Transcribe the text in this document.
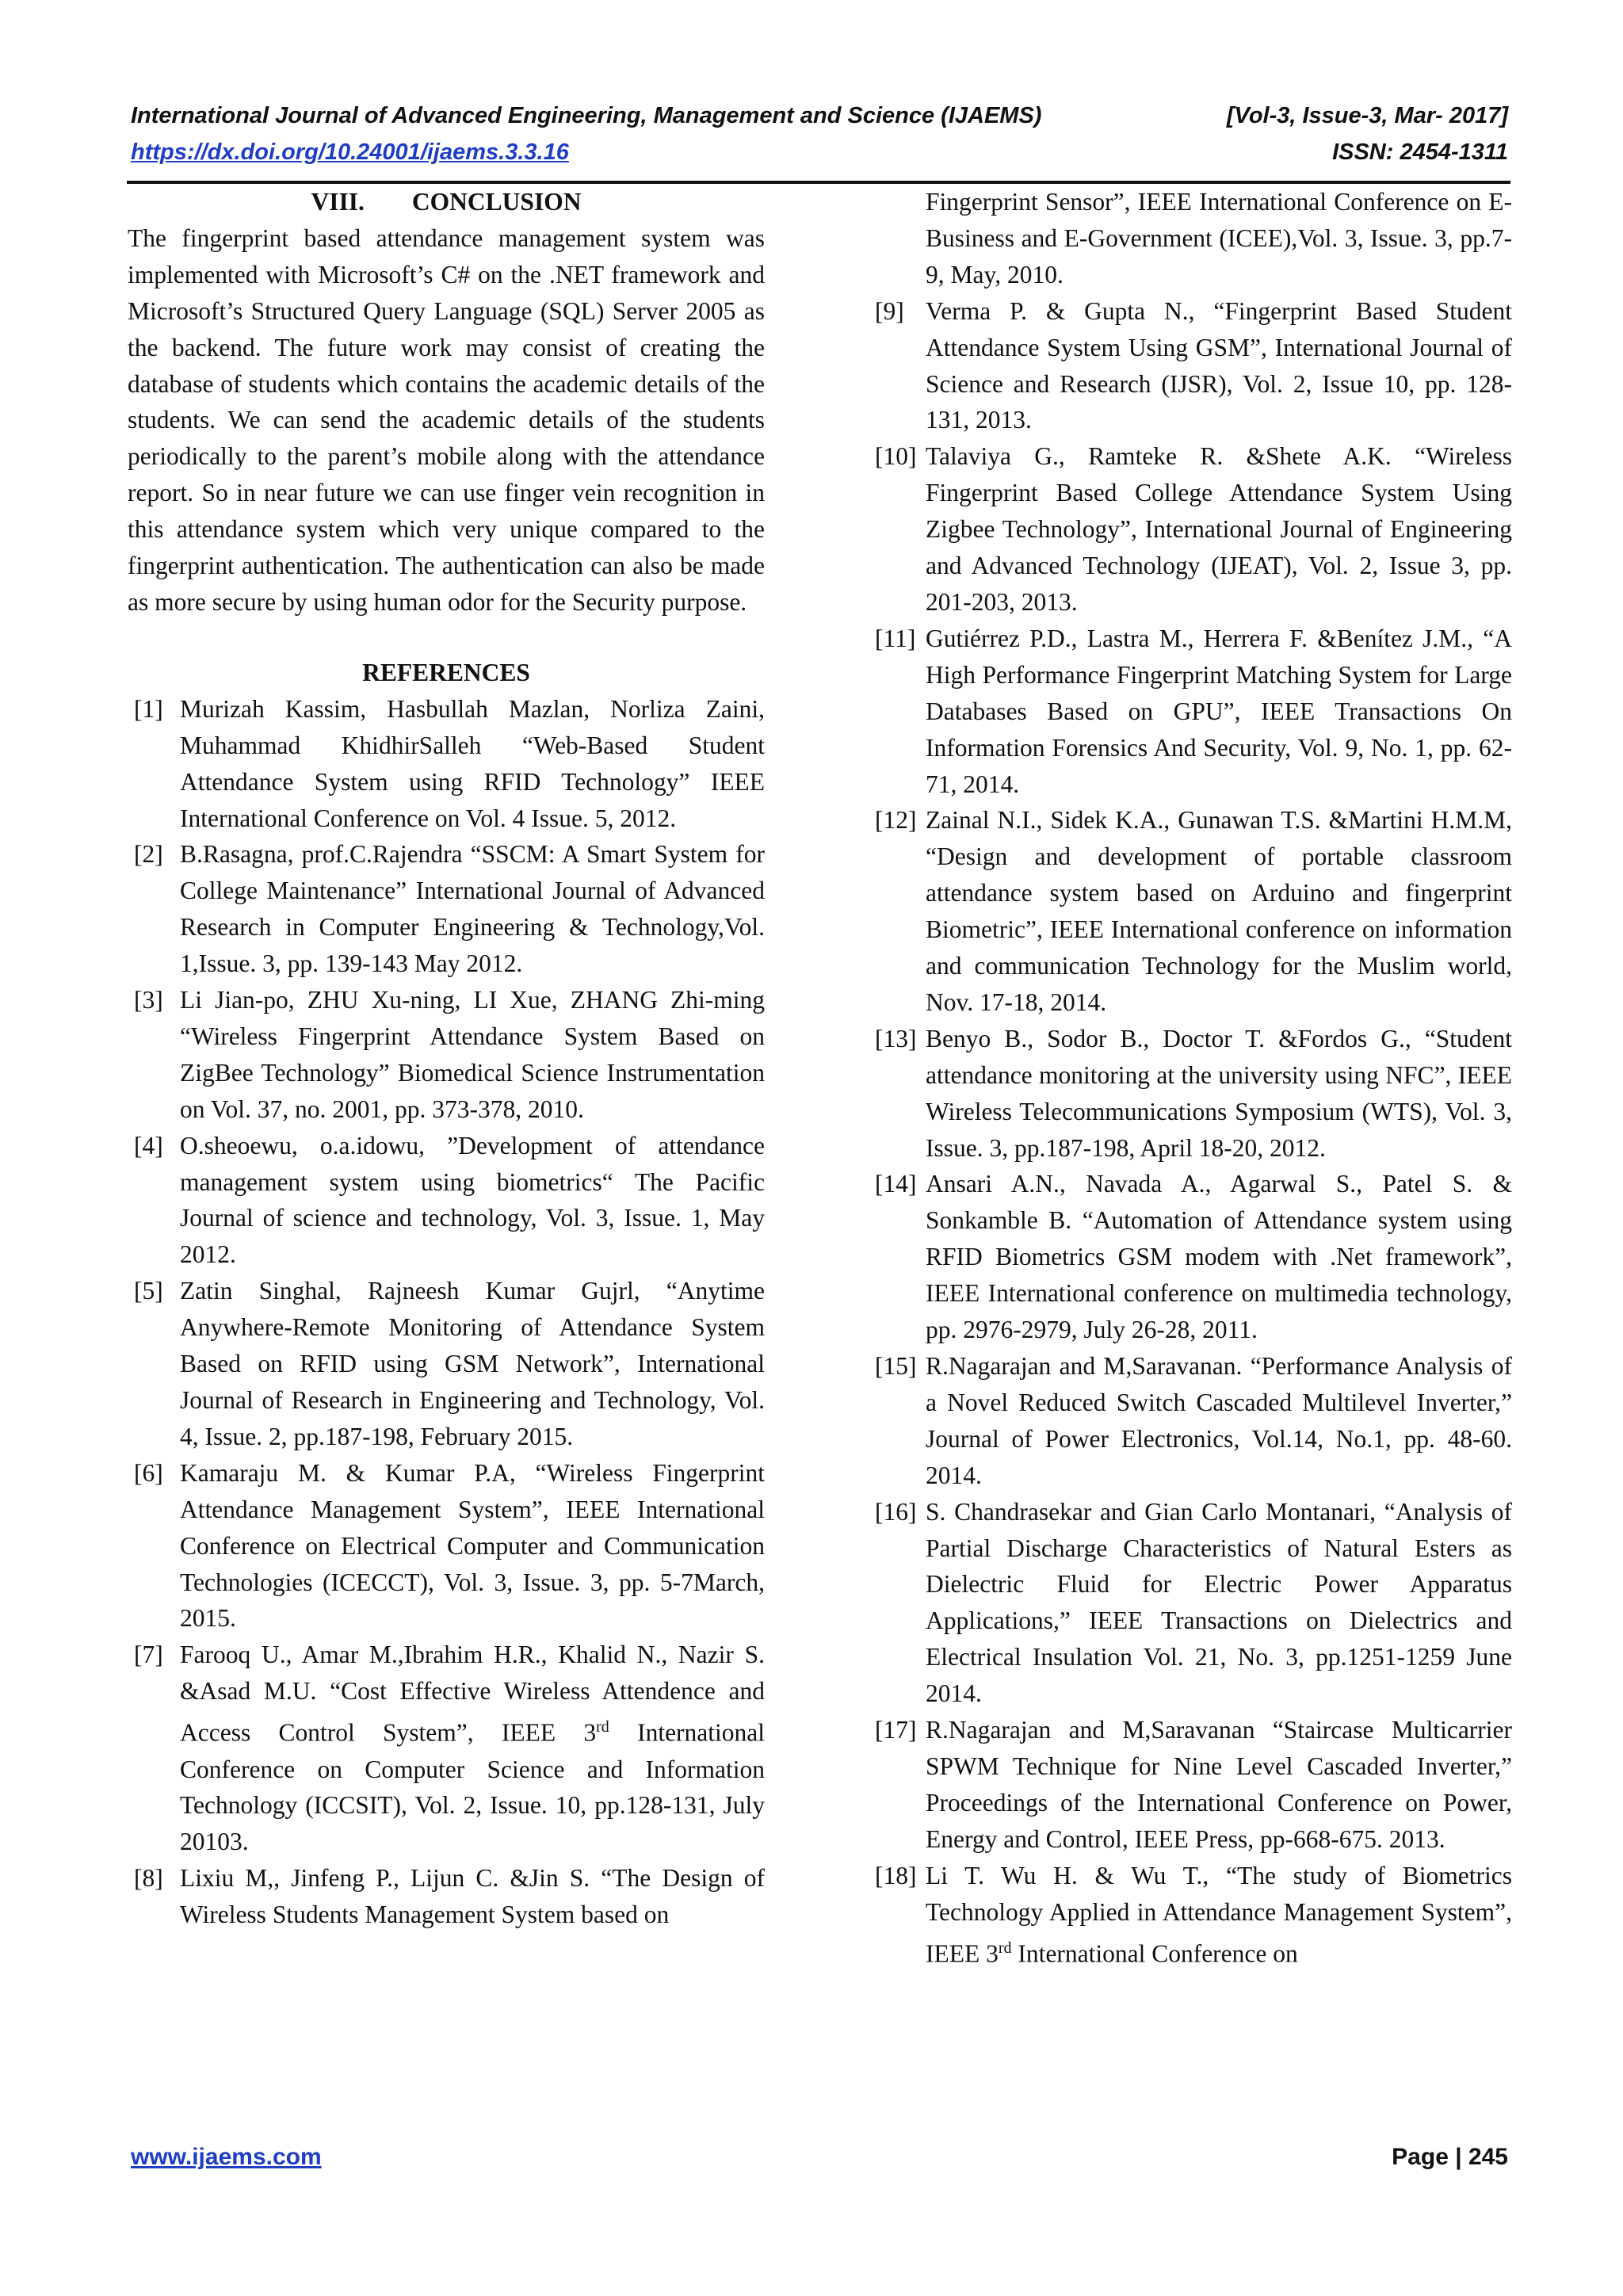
International Journal of Advanced Engineering, Management and Science (IJAEMS)	[Vol-3, Issue-3, Mar- 2017]
https://dx.doi.org/10.24001/ijaems.3.3.16	ISSN: 2454-1311
VIII. CONCLUSION

The fingerprint based attendance management system was implemented with Microsoft’s C# on the .NET framework and Microsoft’s Structured Query Language (SQL) Server 2005 as the backend. The future work may consist of creating the database of students which contains the academic details of the students. We can send the academic details of the students periodically to the parent’s mobile along with the attendance report. So in near future we can use finger vein recognition in this attendance system which very unique compared to the fingerprint authentication. The authentication can also be made as more secure by using human odor for the Security purpose.

REFERENCES
[1] Murizah Kassim, Hasbullah Mazlan, Norliza Zaini, Muhammad KhidhirSalleh “Web-Based Student Attendance System using RFID Technology” IEEE International Conference on Vol. 4 Issue. 5, 2012.
[2] B.Rasagna, prof.C.Rajendra “SSCM: A Smart System for College Maintenance” International Journal of Advanced Research in Computer Engineering & Technology,Vol. 1,Issue. 3, pp. 139-143 May 2012.
[3] Li Jian-po, ZHU Xu-ning, LI Xue, ZHANG Zhi-ming “Wireless Fingerprint Attendance System Based on ZigBee Technology” Biomedical Science Instrumentation on Vol. 37, no. 2001, pp. 373-378, 2010.
[4] O.sheoewu, o.a.idowu, ”Development of attendance management system using biometrics“ The Pacific Journal of science and technology, Vol. 3, Issue. 1, May 2012.
[5] Zatin Singhal, Rajneesh Kumar Gujrl, “Anytime Anywhere-Remote Monitoring of Attendance System Based on RFID using GSM Network”, International Journal of Research in Engineering and Technology, Vol. 4, Issue. 2, pp.187-198, February 2015.
[6] Kamaraju M. & Kumar P.A, “Wireless Fingerprint Attendance Management System”, IEEE International Conference on Electrical Computer and Communication Technologies (ICECCT), Vol. 3, Issue. 3, pp. 5-7March, 2015.
[7] Farooq U., Amar M.,Ibrahim H.R., Khalid N., Nazir S. &Asad M.U. “Cost Effective Wireless Attendence and Access Control System”, IEEE 3rd International Conference on Computer Science and Information Technology (ICCSIT), Vol. 2, Issue. 10, pp.128-131, July 20103.
[8] Lixiu M,, Jinfeng P., Lijun C. &Jin S. “The Design of Wireless Students Management System based on
Fingerprint Sensor”, IEEE International Conference on E-Business and E-Government (ICEE),Vol. 3, Issue. 3, pp.7-9, May, 2010.
[9] Verma P. & Gupta N., “Fingerprint Based Student Attendance System Using GSM”, International Journal of Science and Research (IJSR), Vol. 2, Issue 10, pp. 128-131, 2013.
[10] Talaviya G., Ramteke R. &Shete A.K. “Wireless Fingerprint Based College Attendance System Using Zigbee Technology”, International Journal of Engineering and Advanced Technology (IJEAT), Vol. 2, Issue 3, pp. 201-203, 2013.
[11] Gutiérrez P.D., Lastra M., Herrera F. &Benítez J.M., “A High Performance Fingerprint Matching System for Large Databases Based on GPU”, IEEE Transactions On Information Forensics And Security, Vol. 9, No. 1, pp. 62-71, 2014.
[12] Zainal N.I., Sidek K.A., Gunawan T.S. &Martini H.M.M, “Design and development of portable classroom attendance system based on Arduino and fingerprint Biometric”, IEEE International conference on information and communication Technology for the Muslim world, Nov. 17-18, 2014.
[13] Benyo B., Sodor B., Doctor T. &Fordos G., “Student attendance monitoring at the university using NFC”, IEEE Wireless Telecommunications Symposium (WTS), Vol. 3, Issue. 3, pp.187-198, April 18-20, 2012.
[14] Ansari A.N., Navada A., Agarwal S., Patel S. & Sonkamble B. “Automation of Attendance system using RFID Biometrics GSM modem with .Net framework”, IEEE International conference on multimedia technology, pp. 2976-2979, July 26-28, 2011.
[15] R.Nagarajan and M,Saravanan. “Performance Analysis of a Novel Reduced Switch Cascaded Multilevel Inverter,” Journal of Power Electronics, Vol.14, No.1, pp. 48-60. 2014.
[16] S. Chandrasekar and Gian Carlo Montanari, “Analysis of Partial Discharge Characteristics of Natural Esters as Dielectric Fluid for Electric Power Apparatus Applications,” IEEE Transactions on Dielectrics and Electrical Insulation Vol. 21, No. 3, pp.1251-1259 June 2014.
[17] R.Nagarajan and M,Saravanan “Staircase Multicarrier SPWM Technique for Nine Level Cascaded Inverter,” Proceedings of the International Conference on Power, Energy and Control, IEEE Press, pp-668-675. 2013.
[18] Li T. Wu H. & Wu T., “The study of Biometrics Technology Applied in Attendance Management System”, IEEE 3rd International Conference on
www.ijaems.com	Page | 245
